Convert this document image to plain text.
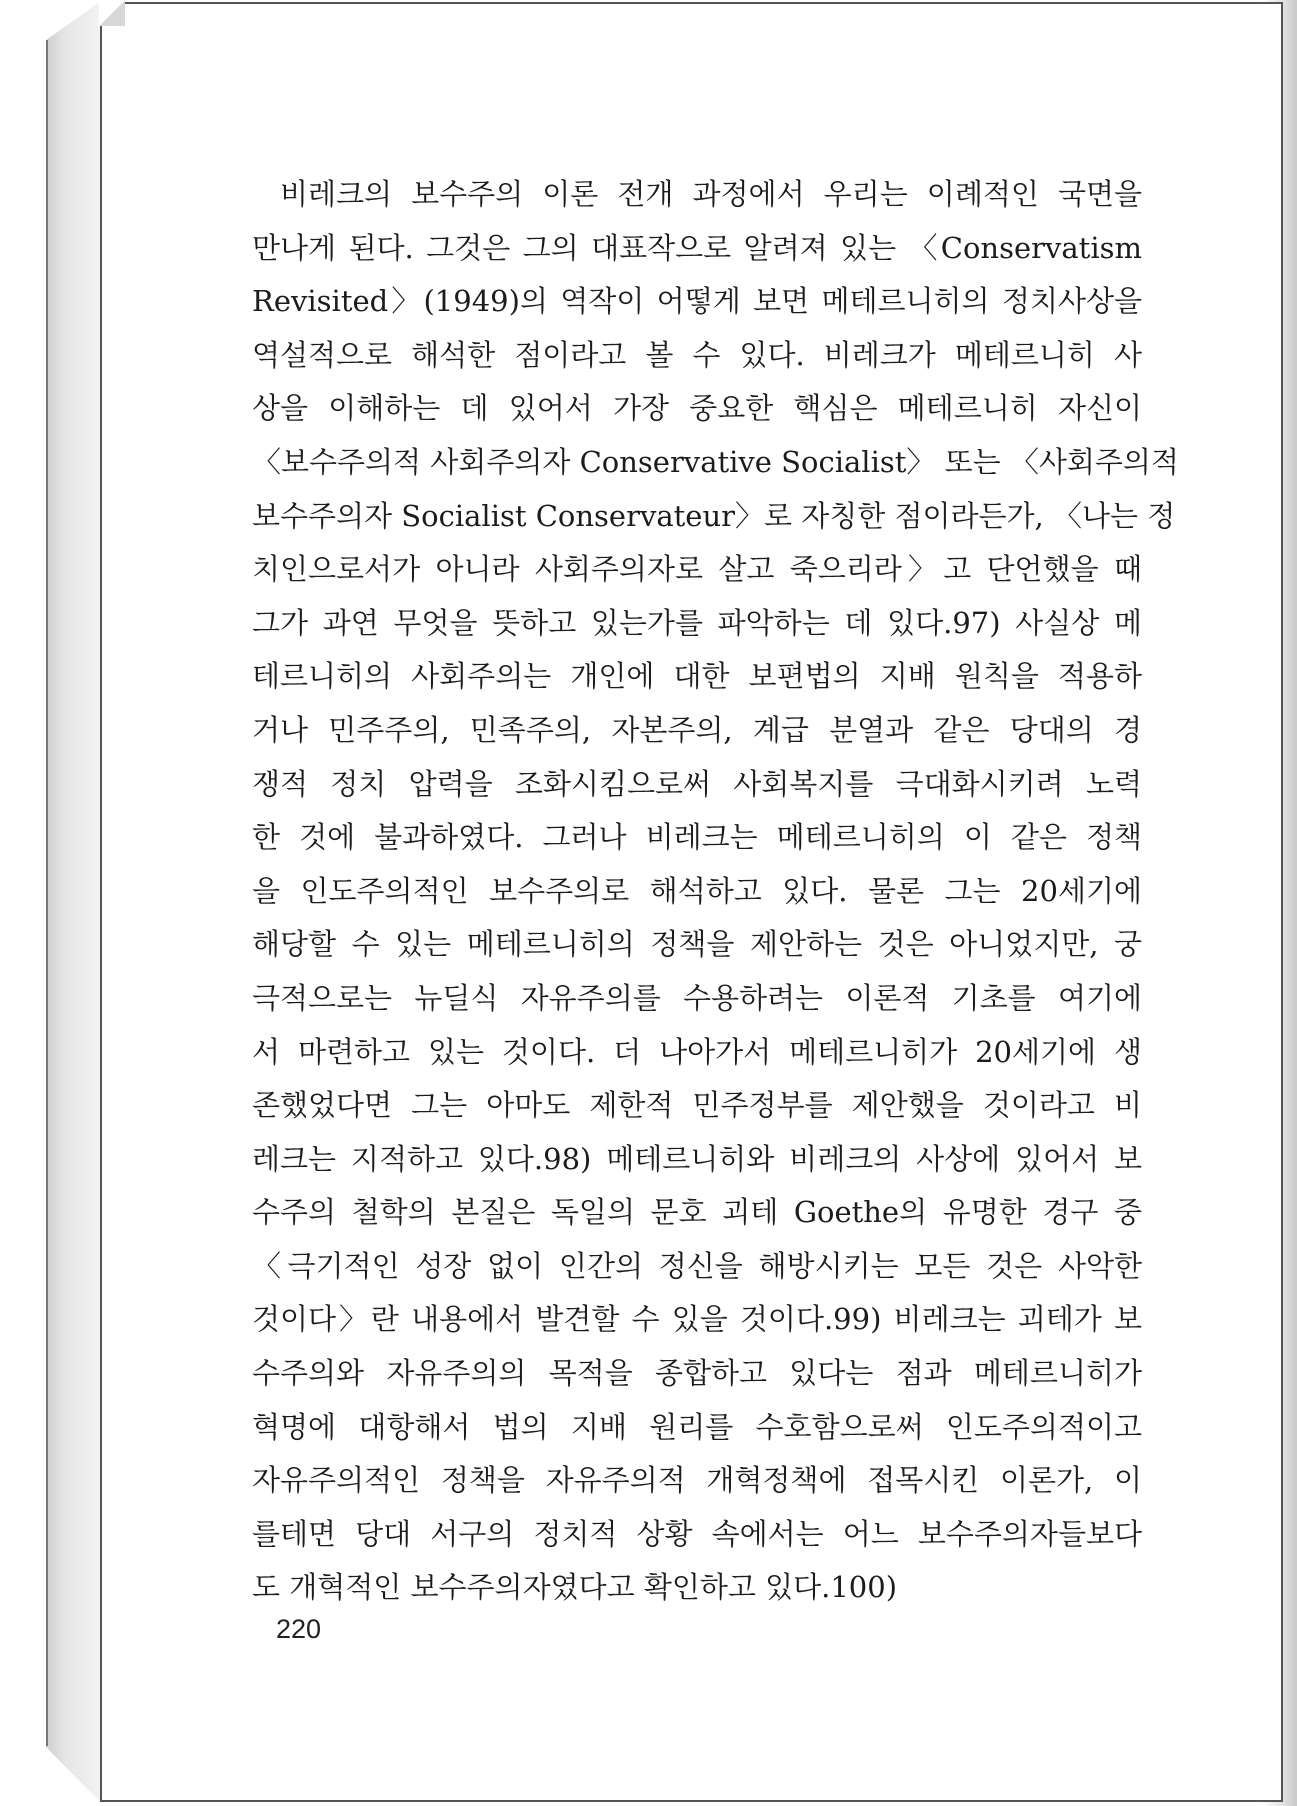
비레크의 보수주의 이론 전개 과정에서 우리는 이례적인 국면을
만나게 된다. 그것은 그의 대표작으로 알려져 있는 〈Conservatism
Revisited〉(1949)의 역작이 어떻게 보면 메테르니히의 정치사상을
역설적으로 해석한 점이라고 볼 수 있다. 비레크가 메테르니히 사
상을 이해하는 데 있어서 가장 중요한 핵심은 메테르니히 자신이
〈보수주의적 사회주의자 Conservative Socialist〉 또는 〈사회주의적
보수주의자 Socialist Conservateur〉로 자칭한 점이라든가, 〈나는 정
치인으로서가 아니라 사회주의자로 살고 죽으리라〉고 단언했을 때
그가 과연 무엇을 뜻하고 있는가를 파악하는 데 있다.97) 사실상 메
테르니히의 사회주의는 개인에 대한 보편법의 지배 원칙을 적용하
거나 민주주의, 민족주의, 자본주의, 계급 분열과 같은 당대의 경
쟁적 정치 압력을 조화시킴으로써 사회복지를 극대화시키려 노력
한 것에 불과하였다. 그러나 비레크는 메테르니히의 이 같은 정책
을 인도주의적인 보수주의로 해석하고 있다. 물론 그는 20세기에
해당할 수 있는 메테르니히의 정책을 제안하는 것은 아니었지만, 궁
극적으로는 뉴딜식 자유주의를 수용하려는 이론적 기초를 여기에
서 마련하고 있는 것이다. 더 나아가서 메테르니히가 20세기에 생
존했었다면 그는 아마도 제한적 민주정부를 제안했을 것이라고 비
레크는 지적하고 있다.98) 메테르니히와 비레크의 사상에 있어서 보
수주의 철학의 본질은 독일의 문호 괴테 Goethe의 유명한 경구 중
〈극기적인 성장 없이 인간의 정신을 해방시키는 모든 것은 사악한
것이다〉란 내용에서 발견할 수 있을 것이다.99) 비레크는 괴테가 보
수주의와 자유주의의 목적을 종합하고 있다는 점과 메테르니히가
혁명에 대항해서 법의 지배 원리를 수호함으로써 인도주의적이고
자유주의적인 정책을 자유주의적 개혁정책에 접목시킨 이론가, 이
를테면 당대 서구의 정치적 상황 속에서는 어느 보수주의자들보다
도 개혁적인 보수주의자였다고 확인하고 있다.100)
220
